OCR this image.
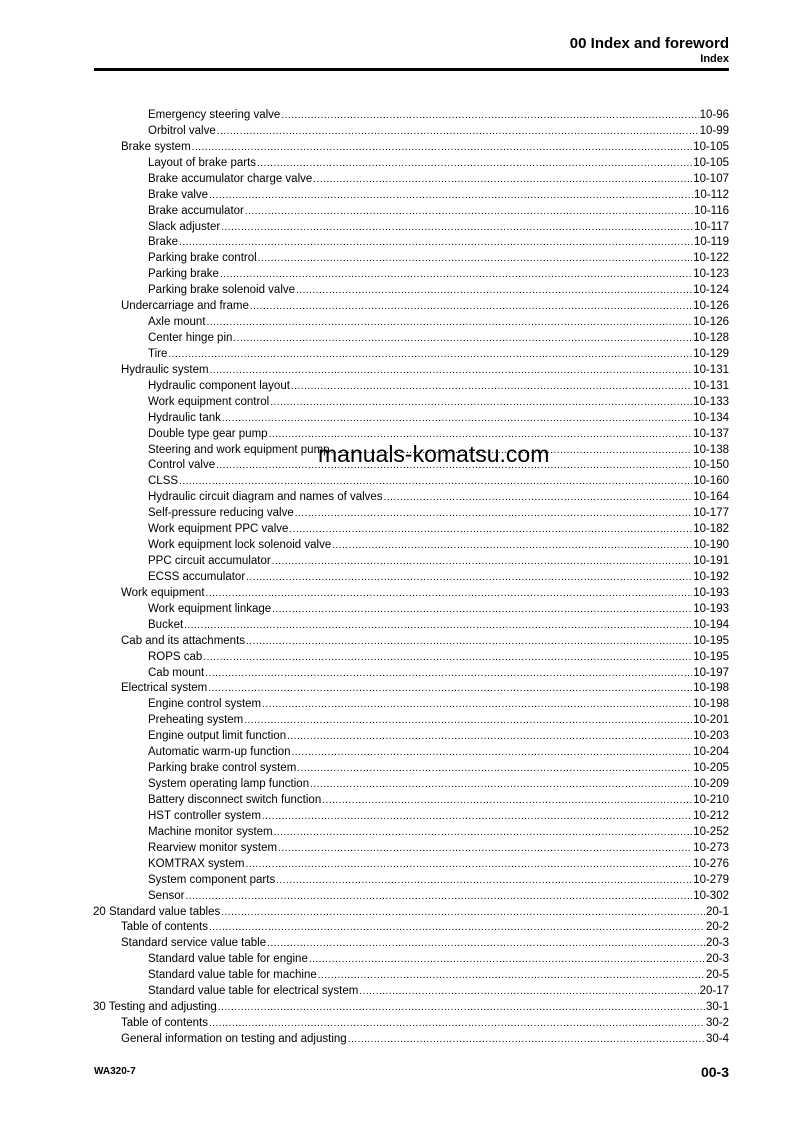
00 Index and foreword
Index
Emergency steering valve .....	10-96
Orbitrol valve .....	10-99
Brake system .....	10-105
Layout of brake parts .....	10-105
Brake accumulator charge valve .....	10-107
Brake valve .....	10-112
Brake accumulator .....	10-116
Slack adjuster .....	10-117
Brake .....	10-119
Parking brake control .....	10-122
Parking brake .....	10-123
Parking brake solenoid valve .....	10-124
Undercarriage and frame .....	10-126
Axle mount .....	10-126
Center hinge pin .....	10-128
Tire .....	10-129
Hydraulic system .....	10-131
Hydraulic component layout .....	10-131
Work equipment control .....	10-133
Hydraulic tank .....	10-134
Double type gear pump .....	10-137
Steering and work equipment pump .....	10-138
Control valve .....	10-150
CLSS .....	10-160
Hydraulic circuit diagram and names of valves .....	10-164
Self-pressure reducing valve .....	10-177
Work equipment PPC valve .....	10-182
Work equipment lock solenoid valve .....	10-190
PPC circuit accumulator .....	10-191
ECSS accumulator .....	10-192
Work equipment .....	10-193
Work equipment linkage .....	10-193
Bucket .....	10-194
Cab and its attachments .....	10-195
ROPS cab .....	10-195
Cab mount .....	10-197
Electrical system .....	10-198
Engine control system .....	10-198
Preheating system .....	10-201
Engine output limit function .....	10-203
Automatic warm-up function .....	10-204
Parking brake control system .....	10-205
System operating lamp function .....	10-209
Battery disconnect switch function .....	10-210
HST controller system .....	10-212
Machine monitor system .....	10-252
Rearview monitor system .....	10-273
KOMTRAX system .....	10-276
System component parts .....	10-279
Sensor .....	10-302
20 Standard value tables .....	20-1
Table of contents .....	20-2
Standard service value table .....	20-3
Standard value table for engine .....	20-3
Standard value table for machine .....	20-5
Standard value table for electrical system .....	20-17
30 Testing and adjusting .....	30-1
Table of contents .....	30-2
General information on testing and adjusting .....	30-4
manuals-komatsu.com
WA320-7	00-3
